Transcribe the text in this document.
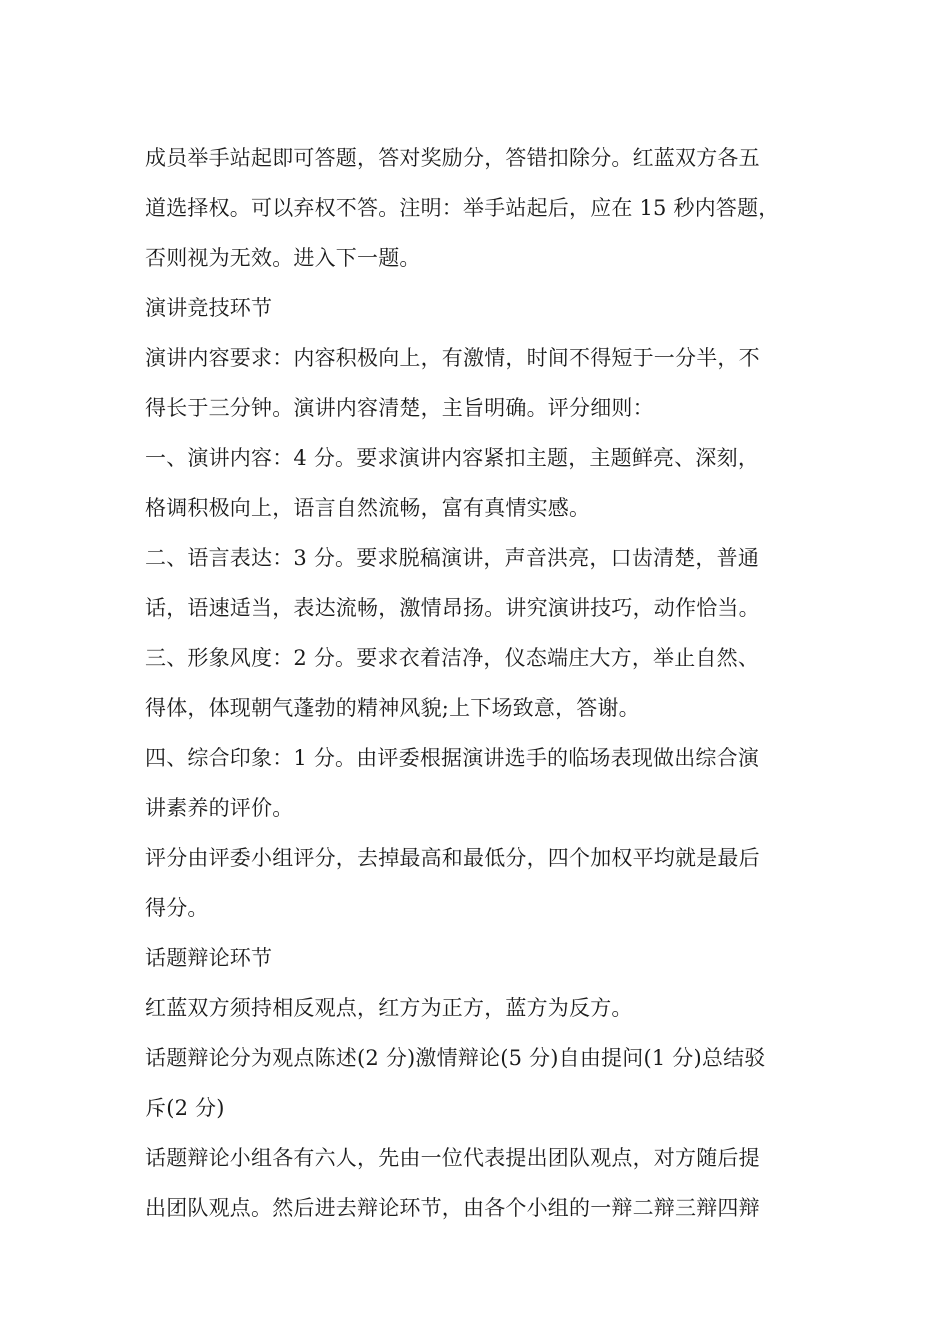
成员举手站起即可答题，答对奖励分，答错扣除分。红蓝双方各五
道选择权。可以弃权不答。注明：举手站起后，应在 15 秒内答题，
否则视为无效。进入下一题。
演讲竞技环节
演讲内容要求：内容积极向上，有激情，时间不得短于一分半，不
得长于三分钟。演讲内容清楚，主旨明确。评分细则：
一、演讲内容：4 分。要求演讲内容紧扣主题，主题鲜亮、深刻，
格调积极向上，语言自然流畅，富有真情实感。
二、语言表达：3 分。要求脱稿演讲，声音洪亮，口齿清楚，普通
话，语速适当，表达流畅，激情昂扬。讲究演讲技巧，动作恰当。
三、形象风度：2 分。要求衣着洁净，仪态端庄大方，举止自然、
得体，体现朝气蓬勃的精神风貌;上下场致意，答谢。
四、综合印象：1 分。由评委根据演讲选手的临场表现做出综合演
讲素养的评价。
评分由评委小组评分，去掉最高和最低分，四个加权平均就是最后
得分。
话题辩论环节
红蓝双方须持相反观点，红方为正方，蓝方为反方。
话题辩论分为观点陈述(2 分)激情辩论(5 分)自由提问(1 分)总结驳
斥(2 分)
话题辩论小组各有六人，先由一位代表提出团队观点，对方随后提
出团队观点。然后进去辩论环节，由各个小组的一辩二辩三辩四辩
